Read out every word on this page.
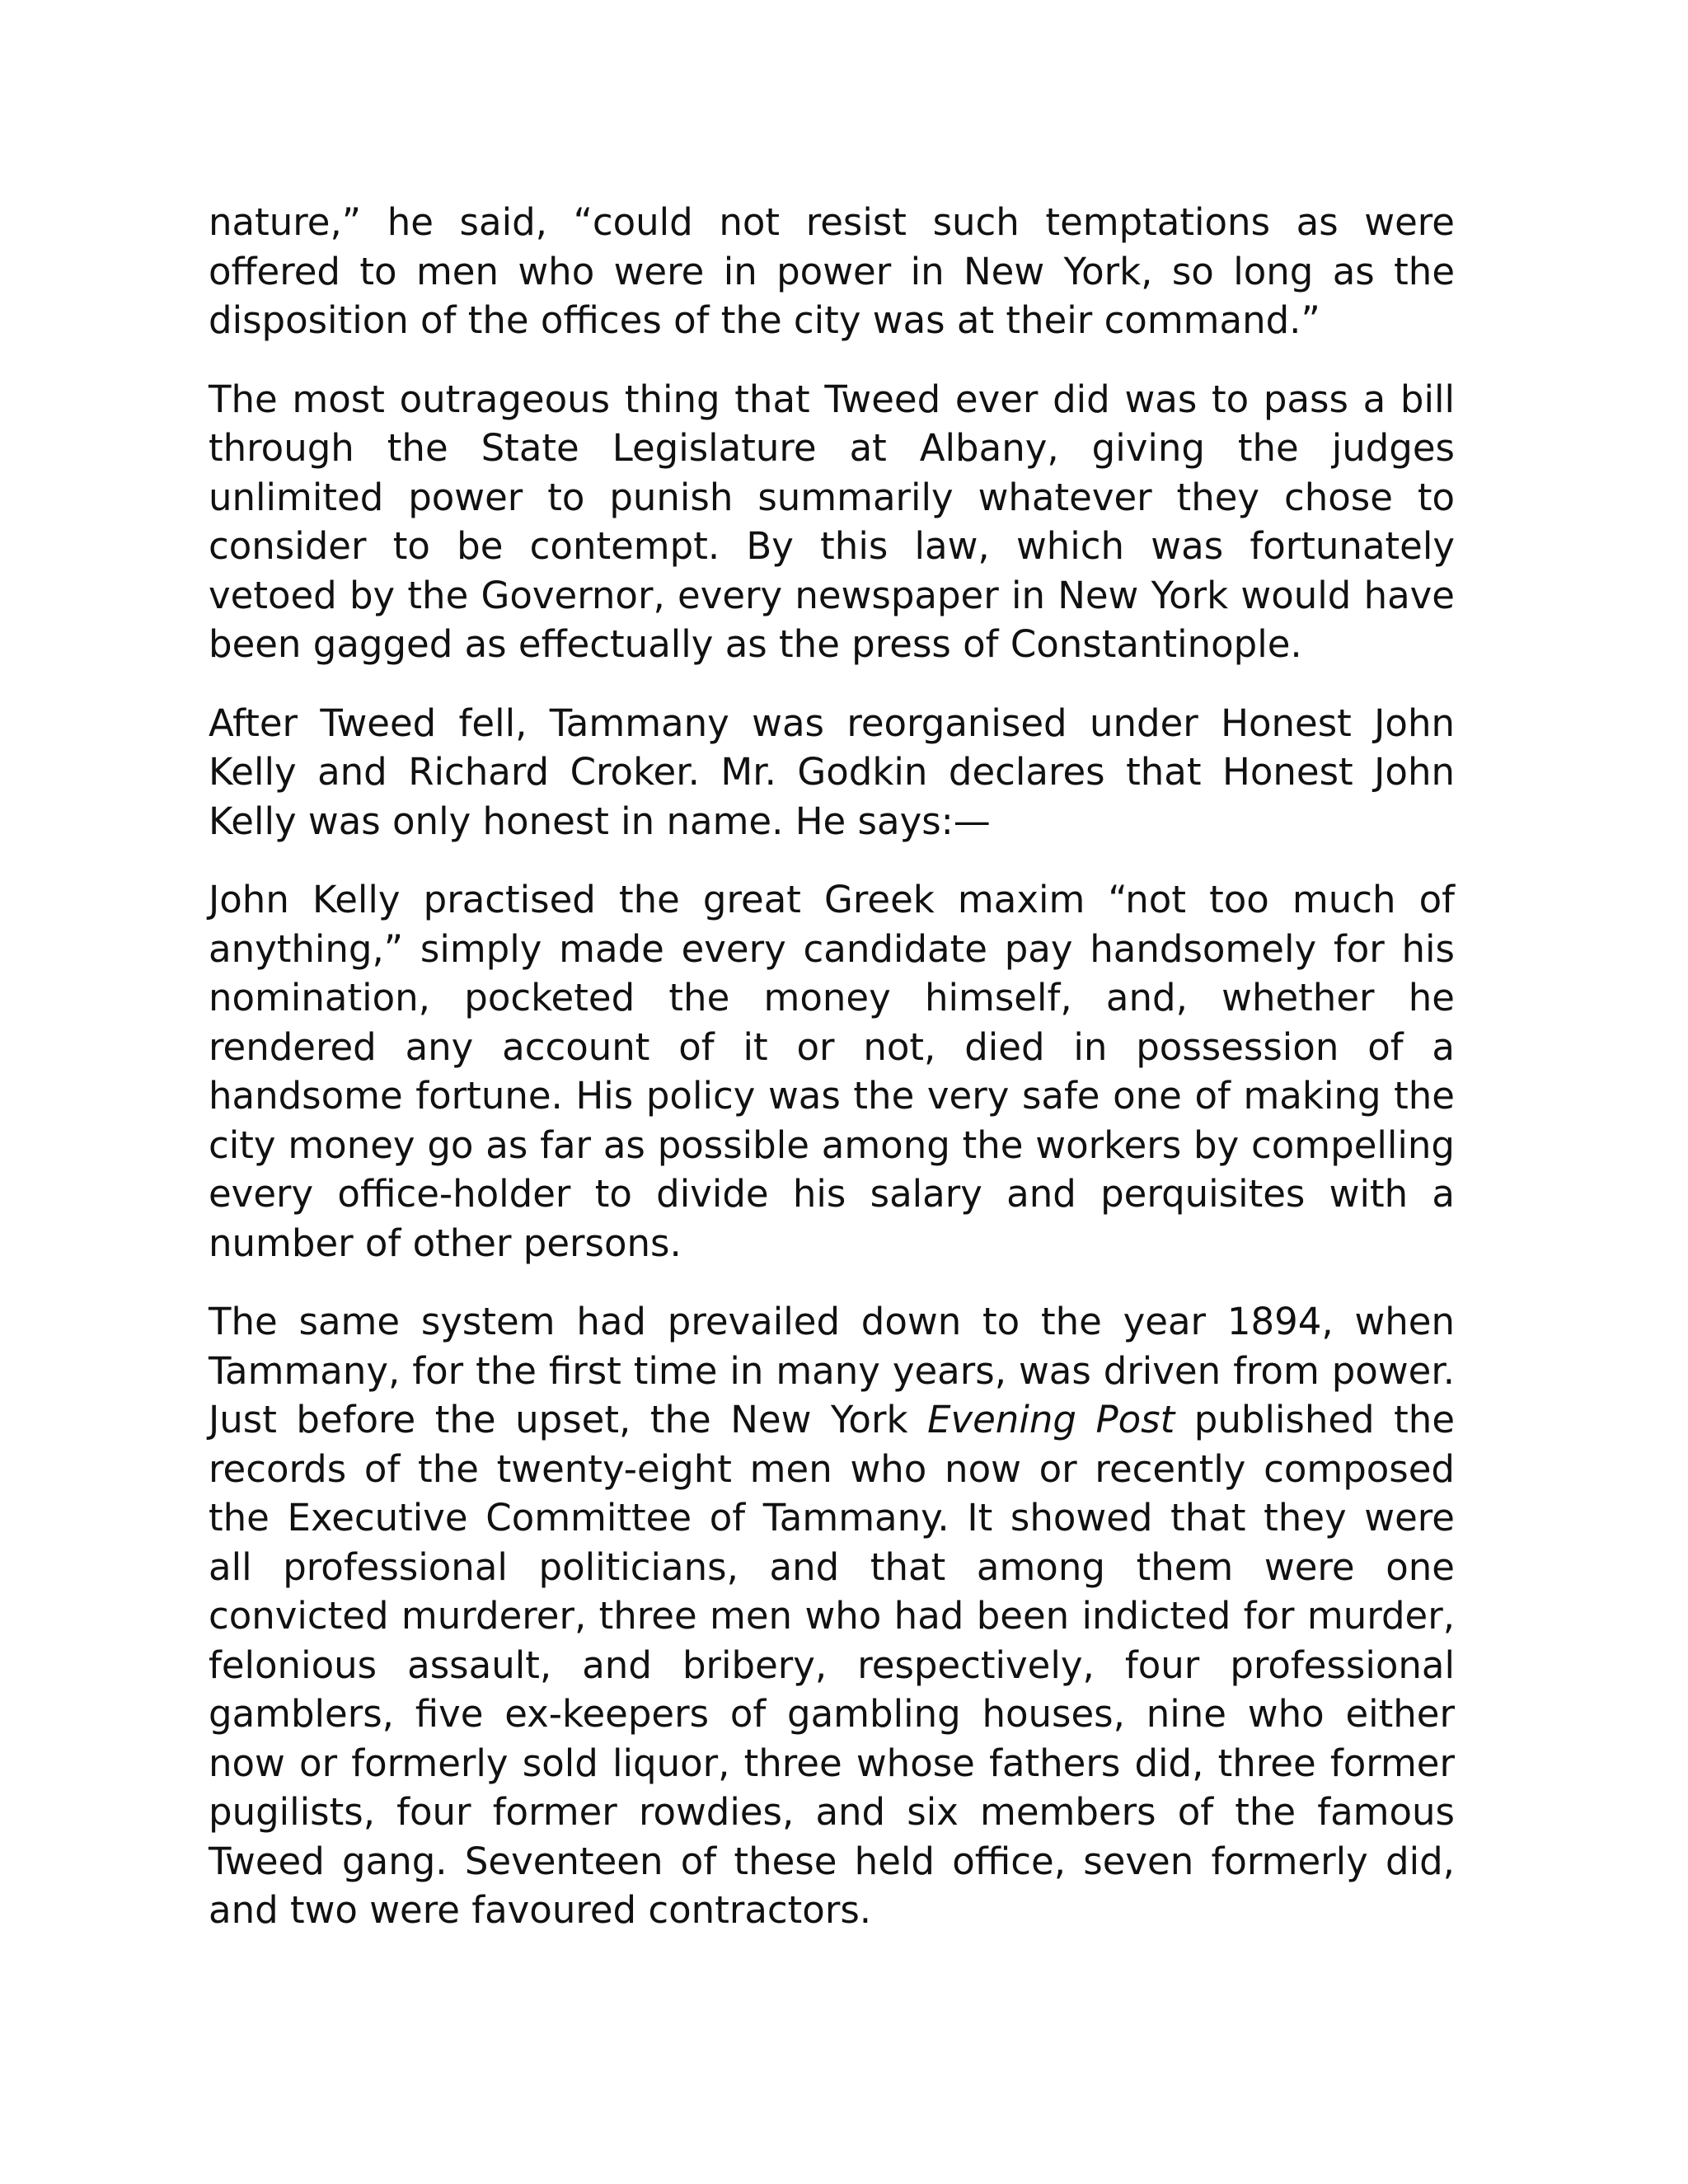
nature,” he said, “could not resist such temptations as were offered to men who were in power in New York, so long as the disposition of the offices of the city was at their command.”

The most outrageous thing that Tweed ever did was to pass a bill through the State Legislature at Albany, giving the judges unlimited power to punish summarily whatever they chose to consider to be contempt. By this law, which was fortunately vetoed by the Governor, every newspaper in New York would have been gagged as effectually as the press of Constantinople.

After Tweed fell, Tammany was reorganised under Honest John Kelly and Richard Croker. Mr. Godkin declares that Honest John Kelly was only honest in name. He says:—

John Kelly practised the great Greek maxim “not too much of anything,” simply made every candidate pay handsomely for his nomination, pocketed the money himself, and, whether he rendered any account of it or not, died in possession of a handsome fortune. His policy was the very safe one of making the city money go as far as possible among the workers by compelling every office-holder to divide his salary and perquisites with a number of other persons.

The same system had prevailed down to the year 1894, when Tammany, for the first time in many years, was driven from power. Just before the upset, the New York Evening Post published the records of the twenty-eight men who now or recently composed the Executive Committee of Tammany. It showed that they were all professional politicians, and that among them were one convicted murderer, three men who had been indicted for murder, felonious assault, and bribery, respectively, four professional gamblers, five ex-keepers of gambling houses, nine who either now or formerly sold liquor, three whose fathers did, three former pugilists, four former rowdies, and six members of the famous Tweed gang. Seventeen of these held office, seven formerly did, and two were favoured contractors.
